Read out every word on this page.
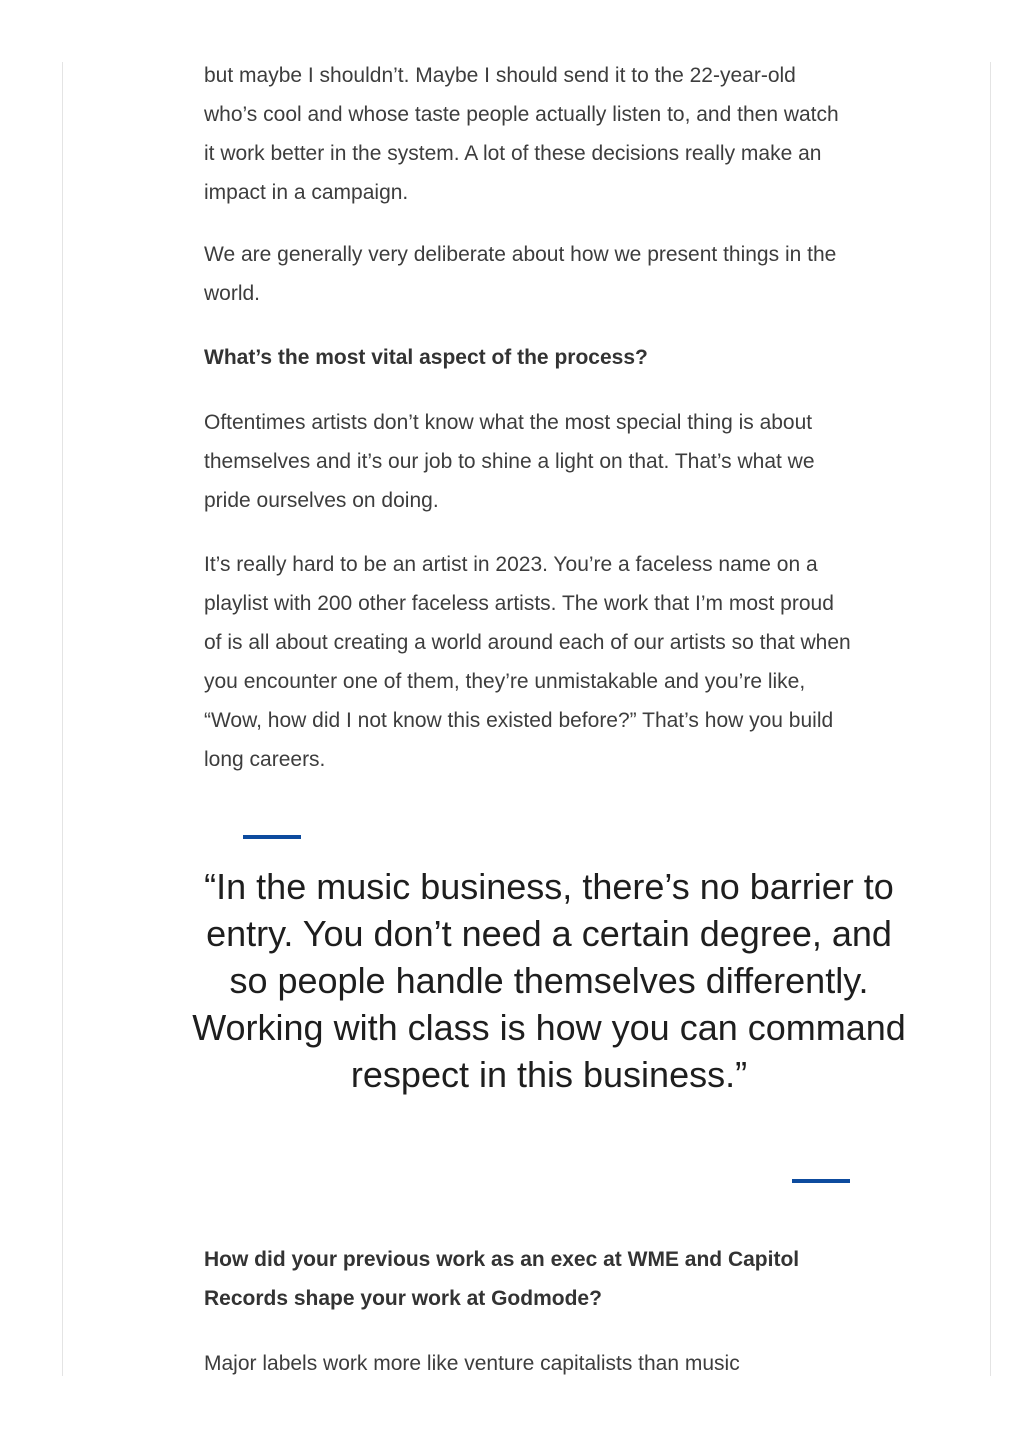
but maybe I shouldn’t. Maybe I should send it to the 22-year-old who’s cool and whose taste people actually listen to, and then watch it work better in the system. A lot of these decisions really make an impact in a campaign.

We are generally very deliberate about how we present things in the world.

What’s the most vital aspect of the process?

Oftentimes artists don’t know what the most special thing is about themselves and it’s our job to shine a light on that. That’s what we pride ourselves on doing.

It’s really hard to be an artist in 2023. You’re a faceless name on a playlist with 200 other faceless artists. The work that I’m most proud of is all about creating a world around each of our artists so that when you encounter one of them, they’re unmistakable and you’re like, “Wow, how did I not know this existed before?” That’s how you build long careers.

“In the music business, there’s no barrier to entry. You don’t need a certain degree, and so people handle themselves differently. Working with class is how you can command respect in this business.”

How did your previous work as an exec at WME and Capitol Records shape your work at Godmode?

Major labels work more like venture capitalists than music
